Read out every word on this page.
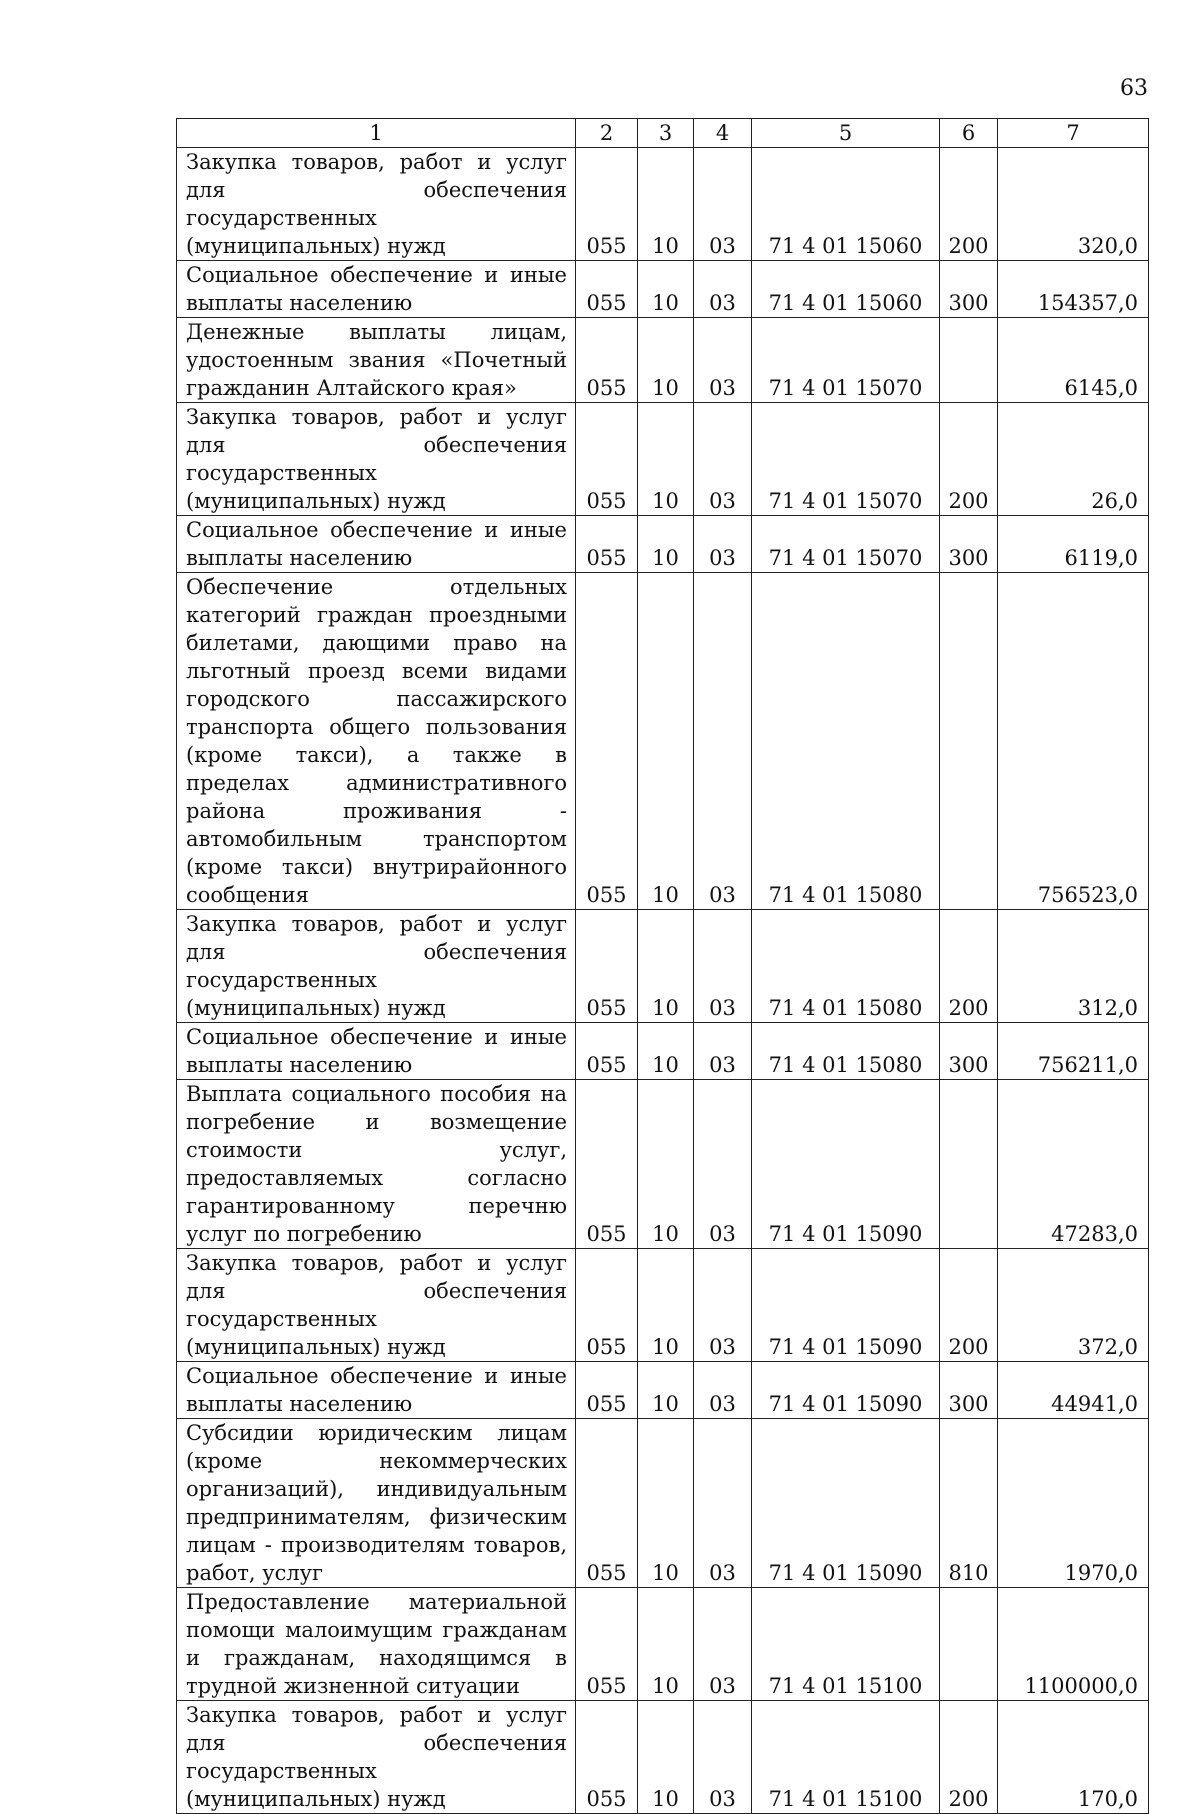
63
1	2	3	4	5	6	7
Закупка товаров, работ и услуг для обеспечения государственных (муниципальных) нужд	055	10	03	71 4 01 15060	200	320,0
Социальное обеспечение и иные выплаты населению	055	10	03	71 4 01 15060	300	154357,0
Денежные выплаты лицам, удостоенным звания «Почетный гражданин Алтайского края»	055	10	03	71 4 01 15070		6145,0
Закупка товаров, работ и услуг для обеспечения государственных (муниципальных) нужд	055	10	03	71 4 01 15070	200	26,0
Социальное обеспечение и иные выплаты населению	055	10	03	71 4 01 15070	300	6119,0
Обеспечение отдельных категорий граждан проездными билетами, дающими право на льготный проезд всеми видами городского пассажирского транспорта общего пользования (кроме такси), а также в пределах административного района проживания - автомобильным транспортом (кроме такси) внутрирайонного сообщения	055	10	03	71 4 01 15080		756523,0
Закупка товаров, работ и услуг для обеспечения государственных (муниципальных) нужд	055	10	03	71 4 01 15080	200	312,0
Социальное обеспечение и иные выплаты населению	055	10	03	71 4 01 15080	300	756211,0
Выплата социального пособия на погребение и возмещение стоимости услуг, предоставляемых согласно гарантированному перечню услуг по погребению	055	10	03	71 4 01 15090		47283,0
Закупка товаров, работ и услуг для обеспечения государственных (муниципальных) нужд	055	10	03	71 4 01 15090	200	372,0
Социальное обеспечение и иные выплаты населению	055	10	03	71 4 01 15090	300	44941,0
Субсидии юридическим лицам (кроме некоммерческих организаций), индивидуальным предпринимателям, физическим лицам - производителям товаров, работ, услуг	055	10	03	71 4 01 15090	810	1970,0
Предоставление материальной помощи малоимущим гражданам и гражданам, находящимся в трудной жизненной ситуации	055	10	03	71 4 01 15100		1100000,0
Закупка товаров, работ и услуг для обеспечения государственных (муниципальных) нужд	055	10	03	71 4 01 15100	200	170,0
